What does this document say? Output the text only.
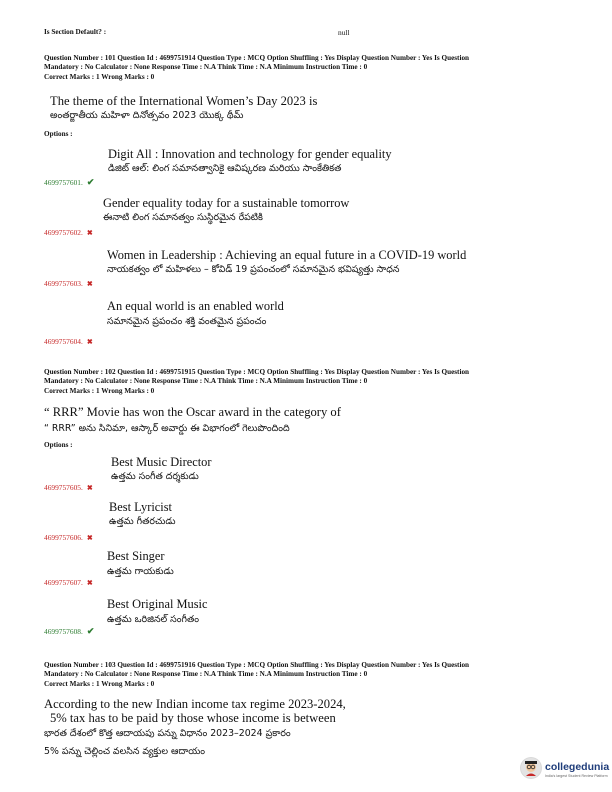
Is Section Default? :	null
Question Number : 101 Question Id : 4699751914 Question Type : MCQ Option Shuffling : Yes Display Question Number : Yes Is Question
Mandatory : No Calculator : None Response Time : N.A Think Time : N.A Minimum Instruction Time : 0
Correct Marks : 1 Wrong Marks : 0
The theme of the International Women’s Day 2023 is
అంతర్జాతీయ మహిళా దినోత్సవం 2023 యొక్క థీమ్
Options :
Digit All : Innovation and technology for gender equality
డిజిట్ ఆల్: లింగ సమానత్వానికై ఆవిష్కరణ మరియు సాంకేతికత
4699757601. ✔
Gender equality today for a sustainable tomorrow
ఈనాటి లింగ సమానత్వం సుస్థిరమైన రేపటికి
4699757602. ✖
Women in Leadership : Achieving an equal future in a COVID-19 world
నాయకత్వం లో మహిళలు – కోవిడ్ 19 ప్రపంచంలో సమానమైన భవిష్యత్తు సాధన
4699757603. ✖
An equal world is an enabled world
సమానమైన ప్రపంచం శక్తి వంతమైన ప్రపంచం
4699757604. ✖
Question Number : 102 Question Id : 4699751915 Question Type : MCQ Option Shuffling : Yes Display Question Number : Yes Is Question
Mandatory : No Calculator : None Response Time : N.A Think Time : N.A Minimum Instruction Time : 0
Correct Marks : 1 Wrong Marks : 0
“ RRR” Movie has won the Oscar award in the category of
“ RRR” అను సినిమా, ఆస్కార్ అవార్డు ఈ విభాగంలో గెలుపొందింది
Options :
Best Music Director
ఉత్తమ సంగీత దర్శకుడు
4699757605. ✖
Best Lyricist
ఉత్తమ గీతరచుడు
4699757606. ✖
Best Singer
ఉత్తమ గాయకుడు
4699757607. ✖
Best Original Music
ఉత్తమ ఒరిజినల్ సంగీతం
4699757608. ✔
Question Number : 103 Question Id : 4699751916 Question Type : MCQ Option Shuffling : Yes Display Question Number : Yes Is Question
Mandatory : No Calculator : None Response Time : N.A Think Time : N.A Minimum Instruction Time : 0
Correct Marks : 1 Wrong Marks : 0
According to the new Indian income tax regime 2023-2024,
5% tax has to be paid by those whose income is between
భారత దేశంలో కొత్త ఆదాయపు పన్ను విధానం 2023–2024 ప్రకారం
5% పన్ను చెల్లించ వలసిన వ్యక్తుల ఆదాయం
collegedunia
India's largest Student Review Platform
